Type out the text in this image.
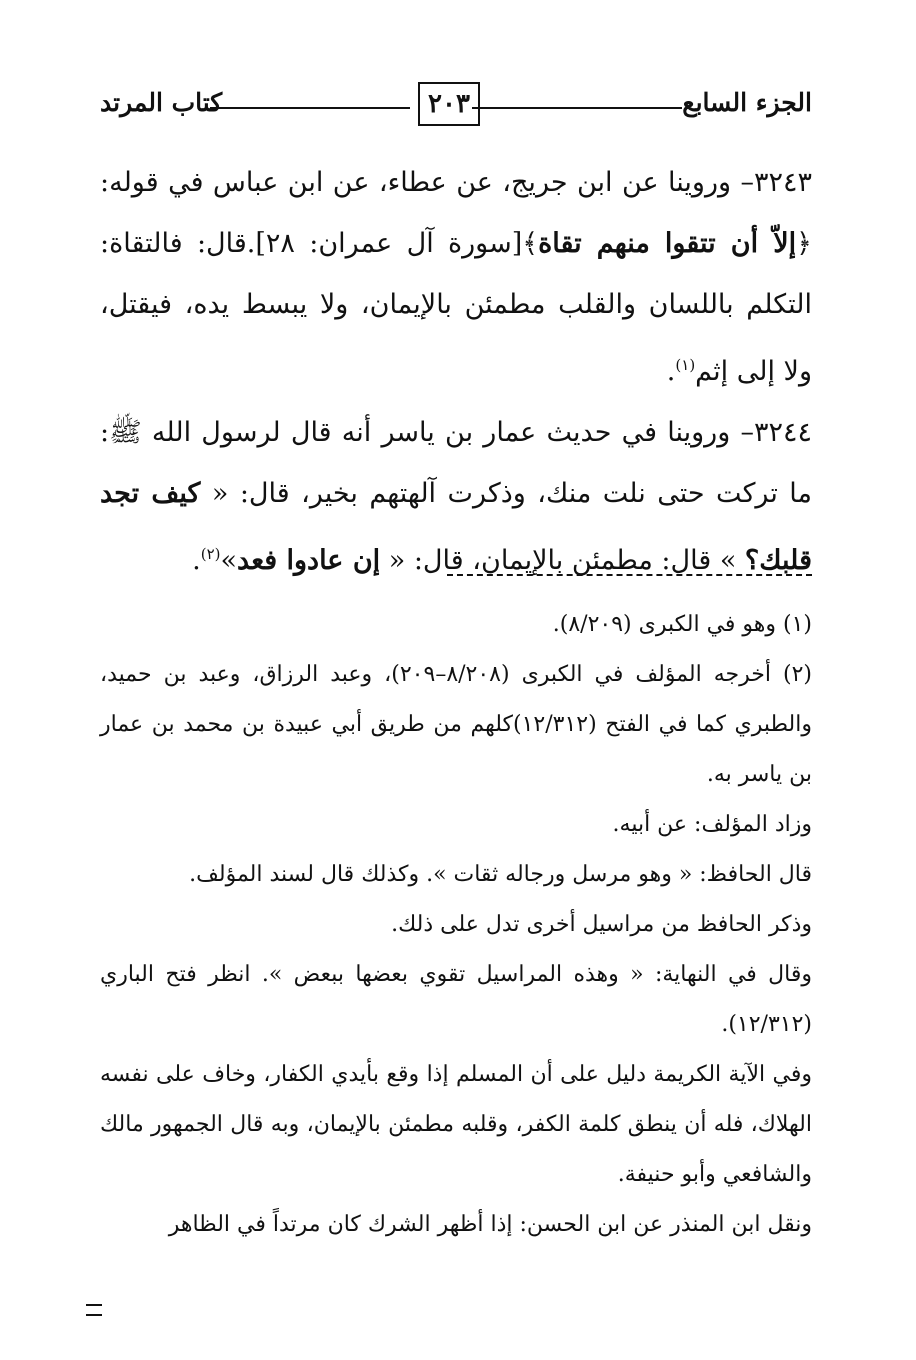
الجزء السابع
٢٠٣
كتاب المرتد

٣٢٤٣– وروينا عن ابن جريج، عن عطاء، عن ابن عباس في قوله: ﴿إلاّ أن تتقوا منهم تقاة﴾[سورة آل عمران: ٢٨].قال: فالتقاة: التكلم باللسان والقلب مطمئن بالإيمان، ولا يبسط يده، فيقتل، ولا إلى إثم$^{(١)}$.

٣٢٤٤– وروينا في حديث عمار بن ياسر أنه قال لرسول الله ﷺ: ما تركت حتى نلت منك، وذكرت آلهتهم بخير، قال: « كيف تجد قلبك؟ » قال: مطمئن بالإيمان، قال: « إن عادوا فعد»$^{(٢)}$.

(١) وهو في الكبرى (٨/٢٠٩).

(٢) أخرجه المؤلف في الكبرى (٨/٢٠٨–٢٠٩)، وعبد الرزاق، وعبد بن حميد، والطبري كما في الفتح (١٢/٣١٢)كلهم من طريق أبي عبيدة بن محمد بن عمار بن ياسر به.

وزاد المؤلف: عن أبيه.

قال الحافظ: « وهو مرسل ورجاله ثقات ». وكذلك قال لسند المؤلف.

وذكر الحافظ من مراسيل أخرى تدل على ذلك.

وقال في النهاية: « وهذه المراسيل تقوي بعضها ببعض ». انظر فتح الباري (١٢/٣١٢).

وفي الآية الكريمة دليل على أن المسلم إذا وقع بأيدي الكفار، وخاف على نفسه الهلاك، فله أن ينطق كلمة الكفر، وقلبه مطمئن بالإيمان، وبه قال الجمهور مالك والشافعي وأبو حنيفة.

ونقل ابن المنذر عن ابن الحسن: إذا أظهر الشرك كان مرتداً في الظاهر
